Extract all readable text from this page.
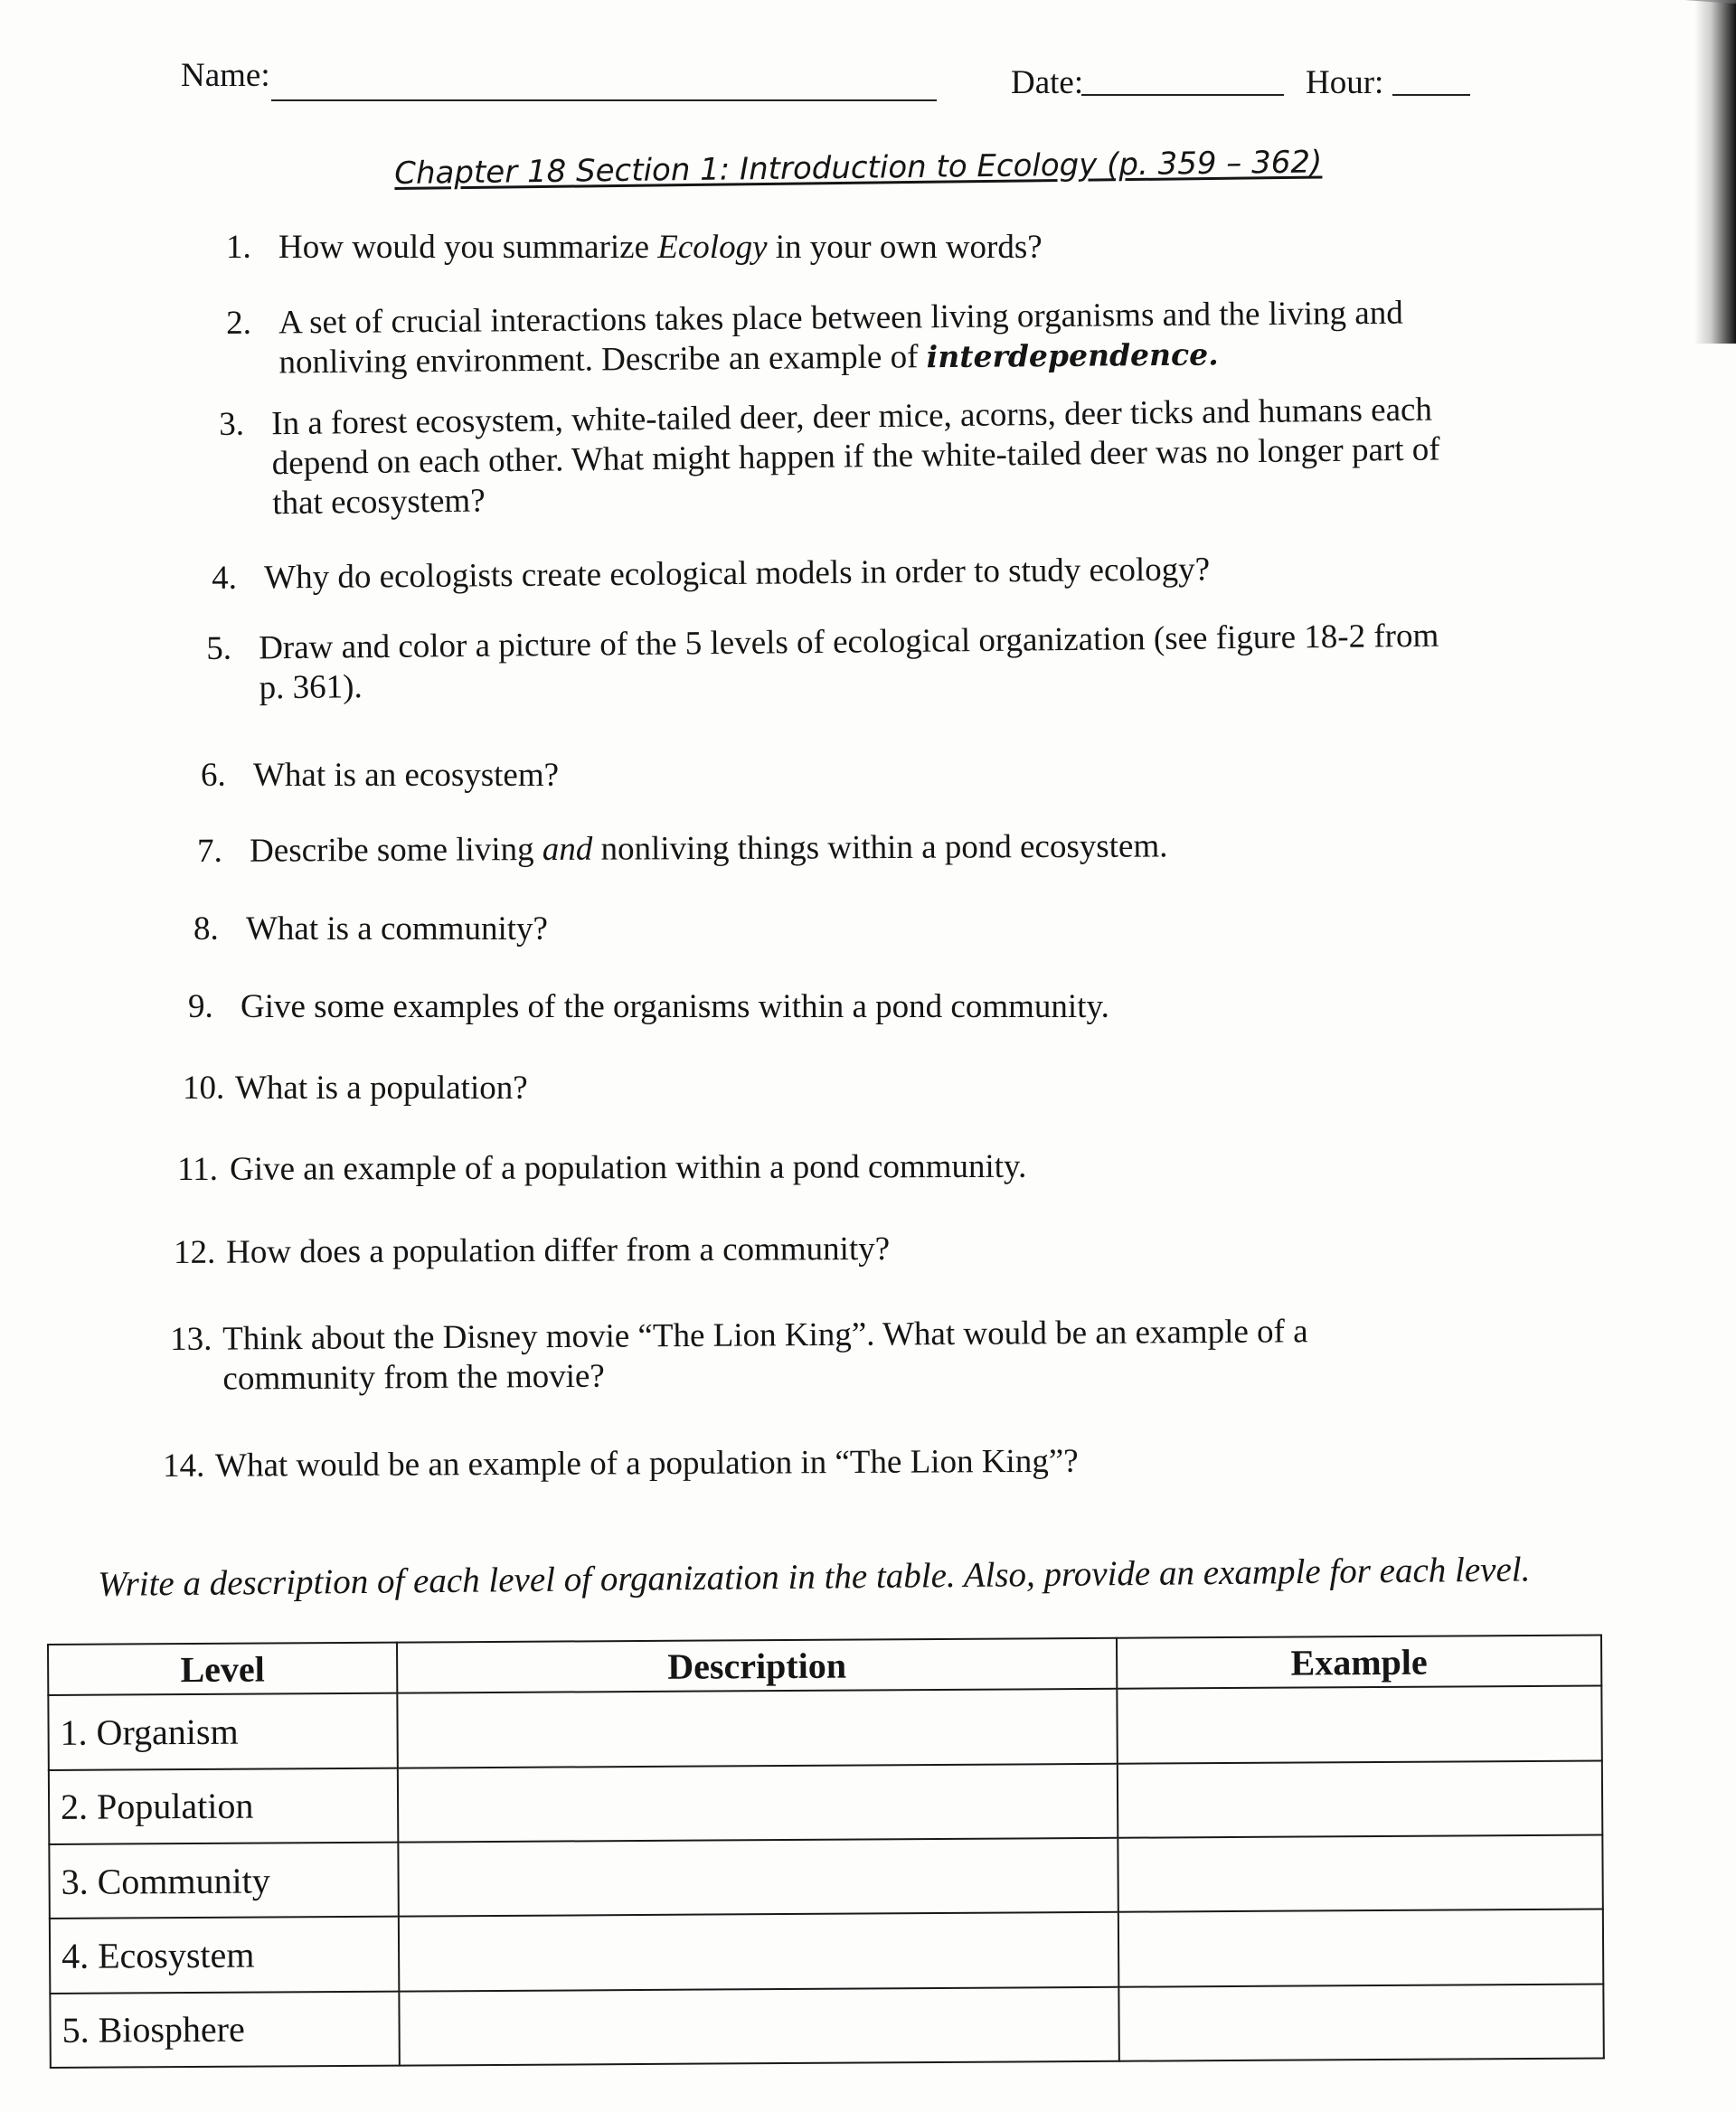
Name:	Date:	Hour:
Chapter 18 Section 1: Introduction to Ecology (p. 359 – 362)
1. How would you summarize Ecology in your own words?
2. A set of crucial interactions takes place between living organisms and the living and
nonliving environment. Describe an example of interdependence.
3. In a forest ecosystem, white-tailed deer, deer mice, acorns, deer ticks and humans each
depend on each other. What might happen if the white-tailed deer was no longer part of
that ecosystem?
4. Why do ecologists create ecological models in order to study ecology?
5. Draw and color a picture of the 5 levels of ecological organization (see figure 18-2 from
p. 361).
6. What is an ecosystem?
7. Describe some living and nonliving things within a pond ecosystem.
8. What is a community?
9. Give some examples of the organisms within a pond community.
10. What is a population?
11. Give an example of a population within a pond community.
12. How does a population differ from a community?
13. Think about the Disney movie “The Lion King”. What would be an example of a
community from the movie?
14. What would be an example of a population in “The Lion King”?
Write a description of each level of organization in the table. Also, provide an example for each level.
Level	Description	Example
1. Organism		
2. Population		
3. Community		
4. Ecosystem		
5. Biosphere		
